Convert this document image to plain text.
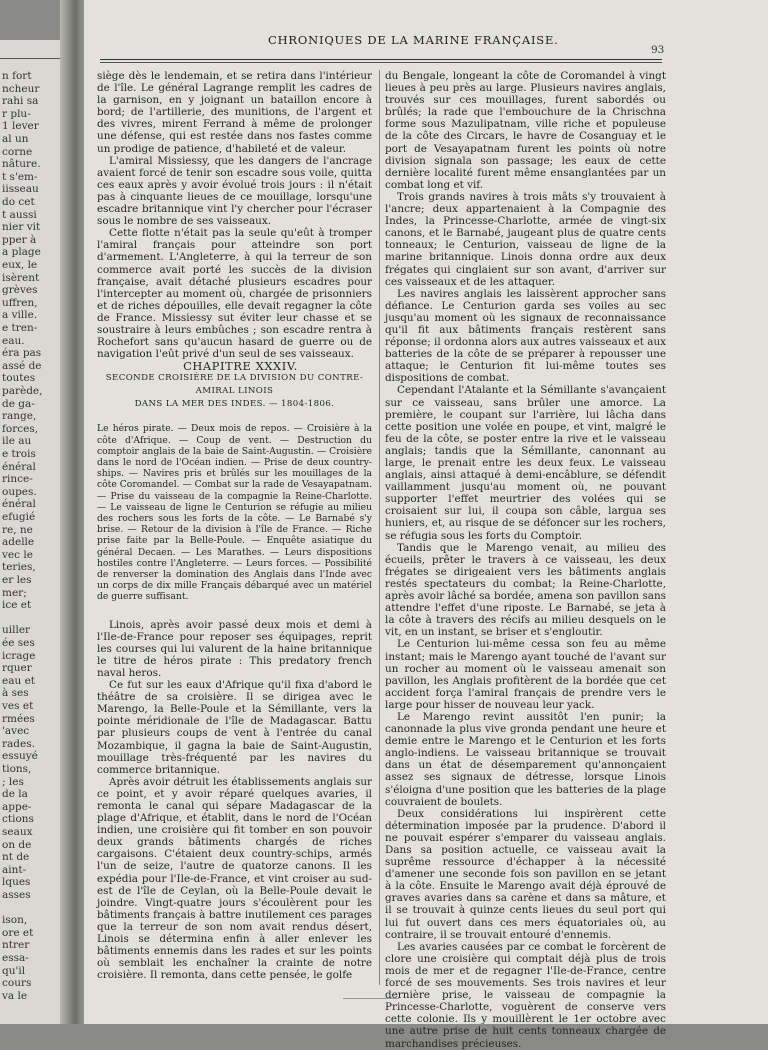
n fort
ncheur
rahi sa
r plu-
1 lever
al un
corne
nâture.
t s'em-
iisseau
do cet
t aussi
nier vit
pper à
a plage
eux, le
isèrent
grèves
uffren,
a ville.
e tren-
eau.
éra pas
assé de
toutes
parède,
de ga-
range,
forces,
ile au
e trois
énéral
rince-
oupes.
énéral
efugié
re, ne
adelle
vec le
teries,
er les
mer;
ice et
uiller
ée ses
icrage
rquer
eau et
à ses
ves et
rmées
'avec
rades.
essuyé
tions,
; les
de la
appe-
ctions
seaux
on de
nt de
aint-
lques
asses
ison,
ore et
ntrer
essa-
qu'il
cours
va le
CHRONIQUES DE LA MARINE FRANÇAISE.
93

siège dès le lendemain, et se retira dans l'intérieur de l'île. Le général Lagrange remplit les cadres de la garnison, en y joignant un bataillon encore à bord; de l'artillerie, des munitions, de l'argent et des vivres, mirent Ferrand à même de prolonger une défense, qui est restée dans nos fastes comme un prodige de patience, d'habileté et de valeur.

L'amiral Missiessy, que les dangers de l'ancrage avaient forcé de tenir son escadre sous voile, quitta ces eaux après y avoir évolué trois jours : il n'était pas à cinquante lieues de ce mouillage, lorsqu'une escadre britannique vint l'y chercher pour l'écraser sous le nombre de ses vaisseaux.

Cette flotte n'était pas la seule qu'eût à tromper l'amiral français pour atteindre son port d'armement. L'Angleterre, à qui la terreur de son commerce avait porté les succès de la division française, avait détaché plusieurs escadres pour l'intercepter au moment où, chargée de prisonniers et de riches dépouilles, elle devait regagner la côte de France. Missiessy sut éviter leur chasse et se soustraire à leurs embûches ; son escadre rentra à Rochefort sans qu'aucun hasard de guerre ou de navigation l'eût privé d'un seul de ses vaisseaux.

CHAPITRE XXXIV.

SECONDE CROISIÈRE DE LA DIVISION DU CONTRE-AMIRAL LINOIS
DANS LA MER DES INDES. — 1804-1806.

Le héros pirate. — Deux mois de repos. — Croisière à la côte d'Afrique. — Coup de vent. — Destruction du comptoir anglais de la baie de Saint-Augustin. — Croisière dans le nord de l'Océan indien. — Prise de deux country-ships. — Navires pris et brûlés sur les mouillages de la côte Coromandel. — Combat sur la rade de Vesayapatnam. — Prise du vaisseau de la compagnie la Reine-Charlotte. — Le vaisseau de ligne le Centurion se réfugie au milieu des rochers sous les forts de la côte. — Le Barnabé s'y brise. — Retour de la division à l'île de France. — Riche prise faite par la Belle-Poule. — Enquête asiatique du général Decaen. — Les Marathes. — Leurs dispositions hostiles contre l'Angleterre. — Leurs forces. — Possibilité de renverser la domination des Anglais dans l'Inde avec un corps de dix mille Français débarqué avec un matériel de guerre suffisant.

Linois, après avoir passé deux mois et demi à l'Ile-de-France pour reposer ses équipages, reprit les courses qui lui valurent de la haine britannique le titre de héros pirate : This predatory french naval heros.

Ce fut sur les eaux d'Afrique qu'il fixa d'abord le théâtre de sa croisière. Il se dirigea avec le Marengo, la Belle-Poule et la Sémillante, vers la pointe méridionale de l'île de Madagascar. Battu par plusieurs coups de vent à l'entrée du canal Mozambique, il gagna la baie de Saint-Augustin, mouillage très-fréquenté par les navires du commerce britannique.

Après avoir détruit les établissements anglais sur ce point, et y avoir réparé quelques avaries, il remonta le canal qui sépare Madagascar de la plage d'Afrique, et établit, dans le nord de l'Océan indien, une croisière qui fit tomber en son pouvoir deux grands bâtiments chargés de riches cargaisons. C'étaient deux country-schips, armés l'un de seize, l'autre de quatorze canons. Il les expédia pour l'Ile-de-France, et vint croiser au sud-est de l'île de Ceylan, où la Belle-Poule devait le joindre. Vingt-quatre jours s'écoulèrent pour les bâtiments français à battre inutilement ces parages que la terreur de son nom avait rendus désert, Linois se détermina enfin à aller enlever les bâtiments ennemis dans les rades et sur les points où semblait les enchaîner la crainte de notre croisière. Il remonta, dans cette pensée, le golfe

du Bengale, longeant la côte de Coromandel à vingt lieues à peu près au large. Plusieurs navires anglais, trouvés sur ces mouillages, furent sabordés ou brûlés; la rade que l'embouchure de la Chrischna forme sous Mazulipatnam, ville riche et populeuse de la côte des Circars, le havre de Cosanguay et le port de Vesayapatnam furent les points où notre division signala son passage; les eaux de cette dernière localité furent même ensanglantées par un combat long et vif.

Trois grands navires à trois mâts s'y trouvaient à l'ancre; deux appartenaient à la Compagnie des Indes, la Princesse-Charlotte, armée de vingt-six canons, et le Barnabé, jaugeant plus de quatre cents tonneaux; le Centurion, vaisseau de ligne de la marine britannique. Linois donna ordre aux deux frégates qui cinglaient sur son avant, d'arriver sur ces vaisseaux et de les attaquer.

Les navires anglais les laissèrent approcher sans défiance. Le Centurion garda ses voiles au sec jusqu'au moment où les signaux de reconnaissance qu'il fit aux bâtiments français restèrent sans réponse; il ordonna alors aux autres vaisseaux et aux batteries de la côte de se préparer à repousser une attaque; le Centurion fit lui-même toutes ses dispositions de combat.

Cependant l'Atalante et la Sémillante s'avançaient sur ce vaisseau, sans brûler une amorce. La première, le coupant sur l'arrière, lui lâcha dans cette position une volée en poupe, et vint, malgré le feu de la côte, se poster entre la rive et le vaisseau anglais; tandis que la Sémillante, canonnant au large, le prenait entre les deux feux. Le vaisseau anglais, ainsi attaqué à demi-encâblure, se défendit vaillamment jusqu'au moment où, ne pouvant supporter l'effet meurtrier des volées qui se croisaient sur lui, il coupa son câble, largua ses huniers, et, au risque de se défoncer sur les rochers, se réfugia sous les forts du Comptoir.

Tandis que le Marengo venait, au milieu des écueils, prêter le travers à ce vaisseau, les deux frégates se dirigeaient vers les bâtiments anglais restés spectateurs du combat; la Reine-Charlotte, après avoir lâché sa bordée, amena son pavillon sans attendre l'effet d'une riposte. Le Barnabé, se jeta à la côte à travers des récifs au milieu desquels on le vit, en un instant, se briser et s'engloutir.

Le Centurion lui-même cessa son feu au même instant; mais le Marengo ayant touché de l'avant sur un rocher au moment où le vaisseau amenait son pavillon, les Anglais profitèrent de la bordée que cet accident força l'amiral français de prendre vers le large pour hisser de nouveau leur yack.

Le Marengo revint aussitôt l'en punir; la canonnade la plus vive gronda pendant une heure et demie entre le Marengo et le Centurion et les forts anglo-indiens. Le vaisseau britannique se trouvait dans un état de désemparement qu'annonçaient assez ses signaux de détresse, lorsque Linois s'éloigna d'une position que les batteries de la plage couvraient de boulets.

Deux considérations lui inspirèrent cette détermination imposée par la prudence. D'abord il ne pouvait espérer s'emparer du vaisseau anglais. Dans sa position actuelle, ce vaisseau avait la suprême ressource d'échapper à la nécessité d'amener une seconde fois son pavillon en se jetant à la côte. Ensuite le Marengo avait déjà éprouvé de graves avaries dans sa carène et dans sa mâture, et il se trouvait à quinze cents lieues du seul port qui lui fut ouvert dans ces mers équatoriales où, au contraire, il se trouvait entouré d'ennemis.

Les avaries causées par ce combat le forcèrent de clore une croisière qui comptait déjà plus de trois mois de mer et de regagner l'Ile-de-France, centre forcé de ses mouvements. Ses trois navires et leur dernière prise, le vaisseau de compagnie la Princesse-Charlotte, voguèrent de conserve vers cette colonie. Ils y mouillèrent le 1er octobre avec une autre prise de huit cents tonneaux chargée de marchandises précieuses.
